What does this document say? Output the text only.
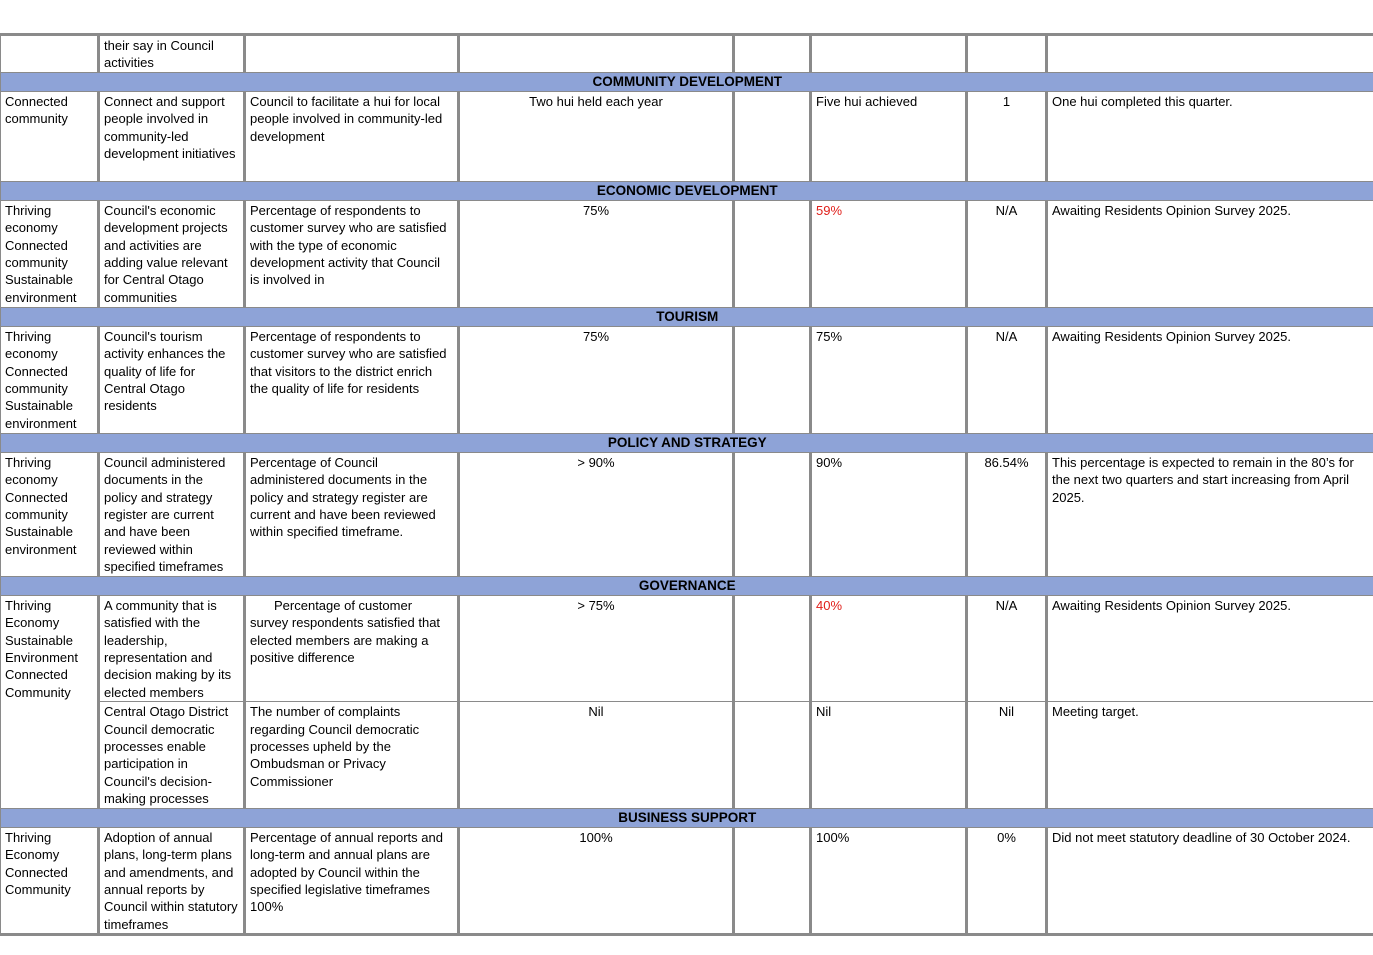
	their say in Council activities						
COMMUNITY DEVELOPMENT							
Connected community	Connect and support people involved in community-led development initiatives	Council to facilitate a hui for local people involved in community-led development	Two hui held each year		Five hui achieved	1	One hui completed this quarter.
ECONOMIC DEVELOPMENT							
Thriving economy Connected community Sustainable environment	Council's economic development projects and activities are adding value relevant for Central Otago communities	Percentage of respondents to customer survey who are satisfied with the type of economic development activity that Council is involved in	75%		59%	N/A	Awaiting Residents Opinion Survey 2025.
TOURISM							
Thriving economy Connected community Sustainable environment	Council's tourism activity enhances the quality of life for Central Otago residents	Percentage of respondents to customer survey who are satisfied that visitors to the district enrich the quality of life for residents	75%		75%	N/A	Awaiting Residents Opinion Survey 2025.
POLICY AND STRATEGY							
Thriving economy Connected community Sustainable environment	Council administered documents in the policy and strategy register are current and have been reviewed within specified timeframes	Percentage of Council administered documents in the policy and strategy register are current and have been reviewed within specified timeframe.	> 90%		90%	86.54%	This percentage is expected to remain in the 80’s for the next two quarters and start increasing from April 2025.
GOVERNANCE							
Thriving Economy Sustainable Environment Connected Community	A community that is satisfied with the leadership, representation and decision making by its elected members	Percentage of customer survey respondents satisfied that elected members are making a positive difference	> 75%		40%	N/A	Awaiting Residents Opinion Survey 2025.
	Central Otago District Council democratic processes enable participation in Council's decision-making processes	The number of complaints regarding Council democratic processes upheld by the Ombudsman or Privacy Commissioner	Nil		Nil	Nil	Meeting target.
BUSINESS SUPPORT							
Thriving Economy Connected Community	Adoption of annual plans, long-term plans and amendments, and annual reports by Council within statutory timeframes	Percentage of annual reports and long-term and annual plans are adopted by Council within the specified legislative timeframes 100%	100%		100%	0%	Did not meet statutory deadline of 30 October 2024.
